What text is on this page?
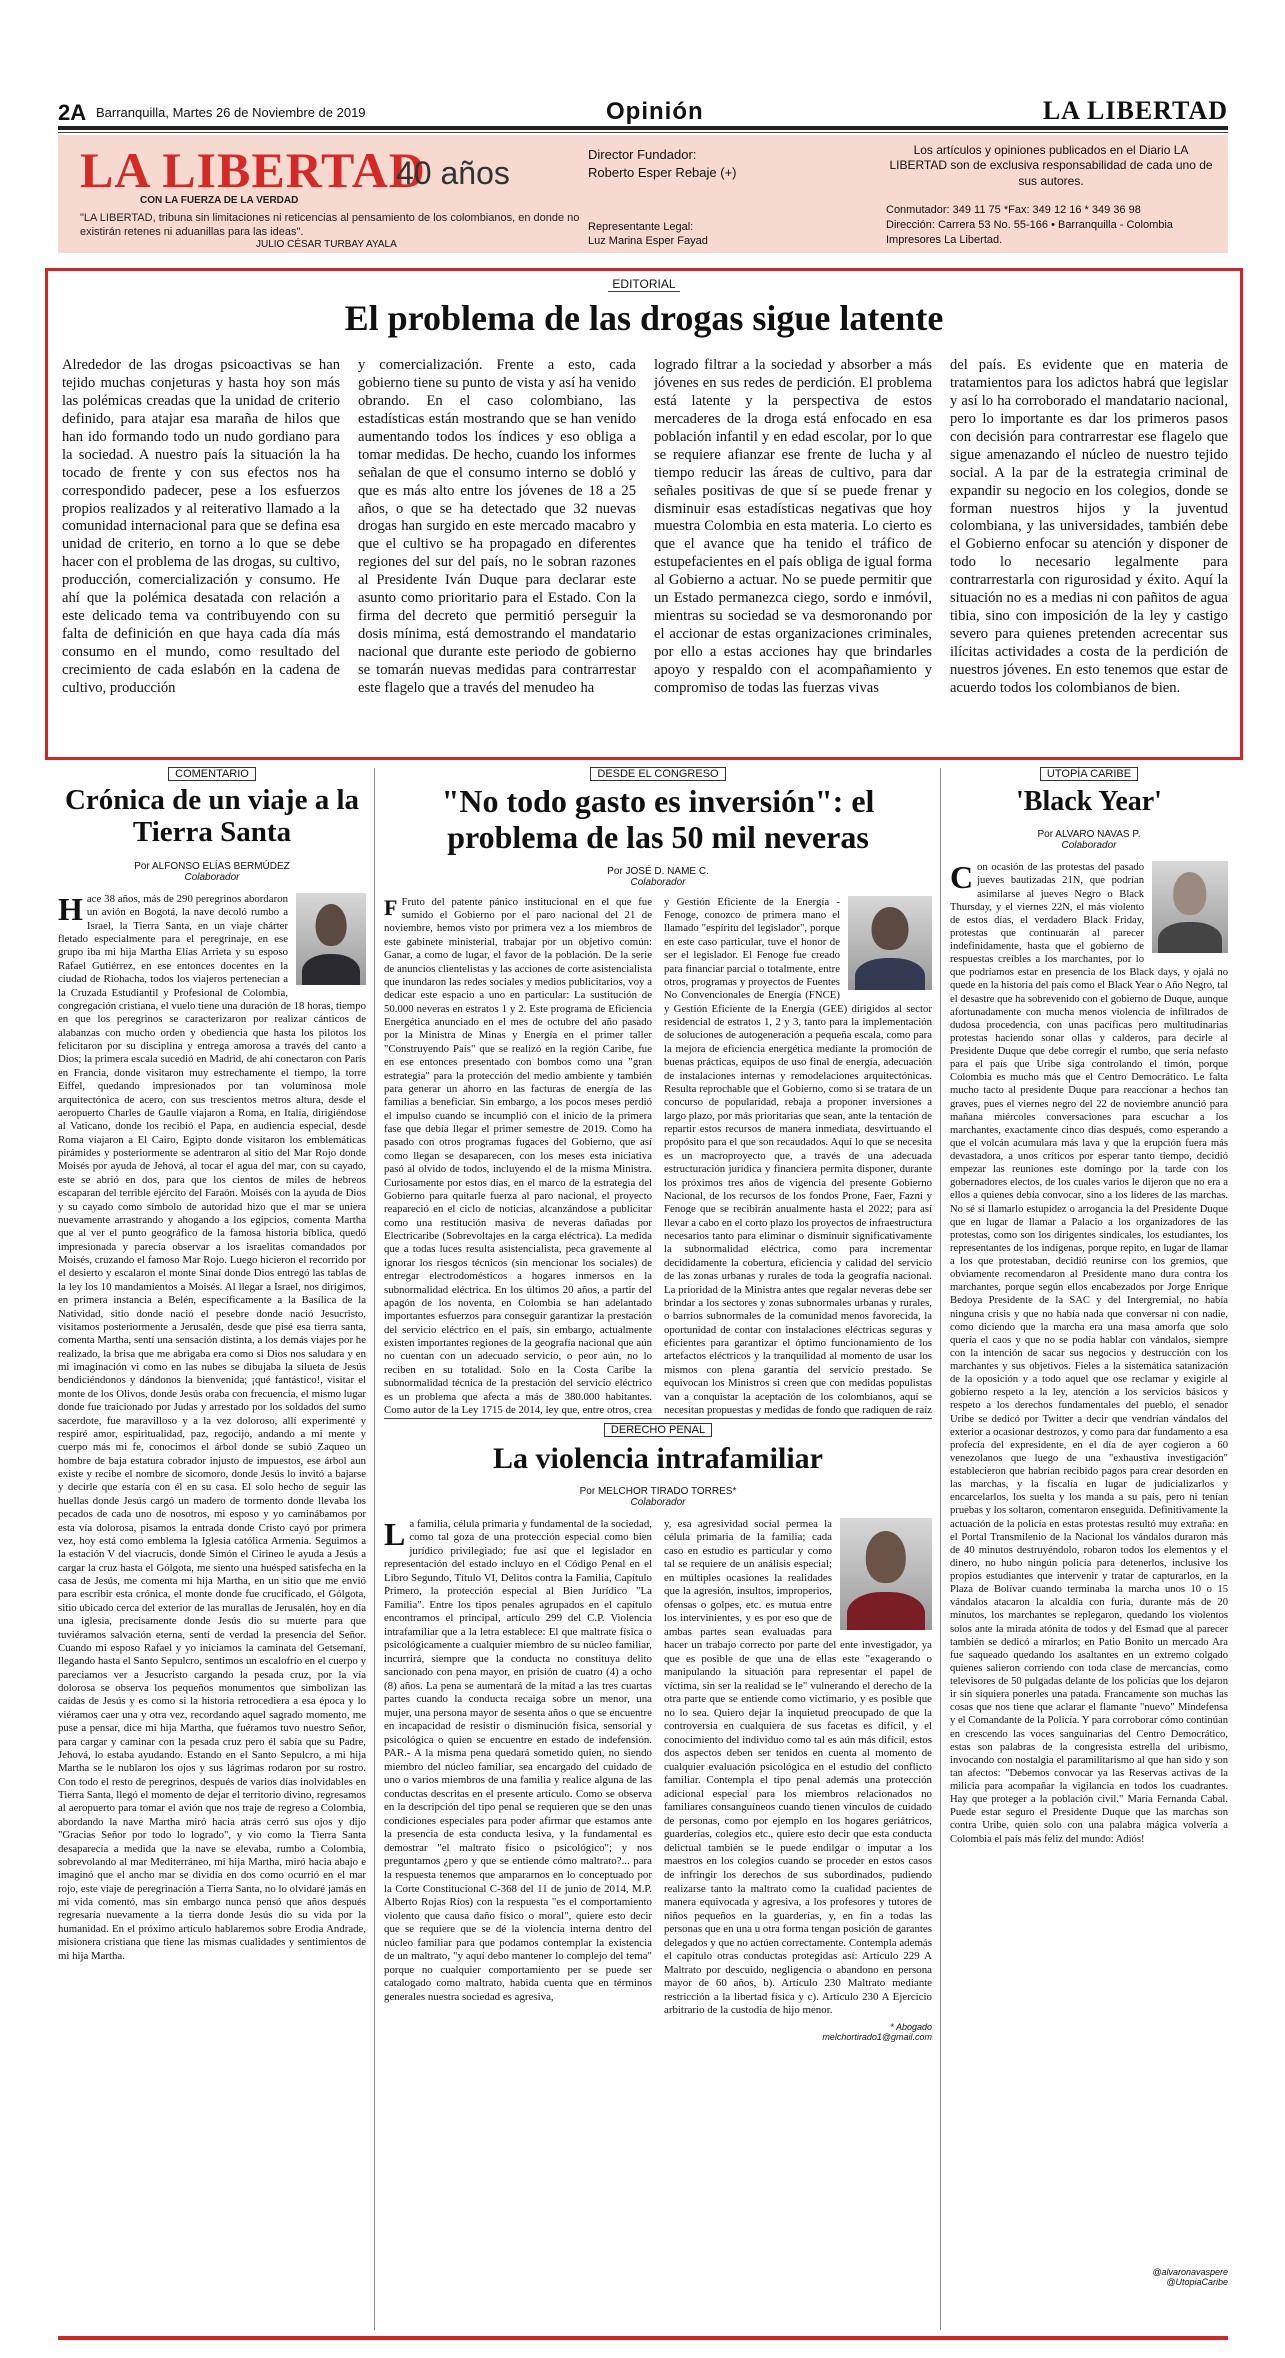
2A Barranquilla, Martes 26 de Noviembre de 2019	Opinión	LA LIBERTAD
LA LIBERTAD
40 años
CON LA FUERZA DE LA VERDAD
"LA LIBERTAD, tribuna sin limitaciones ni reticencias al pensamiento de los colombianos, en donde no existirán retenes ni aduanillas para las ideas".
JULIO CÉSAR TURBAY AYALA
Director Fundador:
Roberto Esper Rebaje (+)
Representante Legal:
Luz Marina Esper Fayad
Los artículos y opiniones publicados en el Diario LA LIBERTAD son de exclusiva responsabilidad de cada uno de sus autores.
Conmutador: 349 11 75 *Fax: 349 12 16 * 349 36 98
Dirección: Carrera 53 No. 55-166 • Barranquilla - Colombia
Impresores La Libertad.
EDITORIAL
El problema de las drogas sigue latente
Alrededor de las drogas psicoactivas se han tejido muchas conjeturas y hasta hoy son más las polémicas creadas que la unidad de criterio definido, para atajar esa maraña de hilos que han ido formando todo un nudo gordiano para la sociedad. A nuestro país la situación la ha tocado de frente y con sus efectos nos ha correspondido padecer, pese a los esfuerzos propios realizados y al reiterativo llamado a la comunidad internacional para que se defina esa unidad de criterio, en torno a lo que se debe hacer con el problema de las drogas, su cultivo, producción, comercialización y consumo. He ahí que la polémica desatada con relación a este delicado tema va contribuyendo con su falta de definición en que haya cada día más consumo en el mundo, como resultado del crecimiento de cada eslabón en la cadena de cultivo, producción
y comercialización. Frente a esto, cada gobierno tiene su punto de vista y así ha venido obrando. En el caso colombiano, las estadísticas están mostrando que se han venido aumentando todos los índices y eso obliga a tomar medidas. De hecho, cuando los informes señalan de que el consumo interno se dobló y que es más alto entre los jóvenes de 18 a 25 años, o que se ha detectado que 32 nuevas drogas han surgido en este mercado macabro y que el cultivo se ha propagado en diferentes regiones del sur del país, no le sobran razones al Presidente Iván Duque para declarar este asunto como prioritario para el Estado. Con la firma del decreto que permitió perseguir la dosis mínima, está demostrando el mandatario nacional que durante este periodo de gobierno se tomarán nuevas medidas para contrarrestar este flagelo que a través del menudeo ha
logrado filtrar a la sociedad y absorber a más jóvenes en sus redes de perdición. El problema está latente y la perspectiva de estos mercaderes de la droga está enfocado en esa población infantil y en edad escolar, por lo que se requiere afianzar ese frente de lucha y al tiempo reducir las áreas de cultivo, para dar señales positivas de que sí se puede frenar y disminuir esas estadísticas negativas que hoy muestra Colombia en esta materia. Lo cierto es que el avance que ha tenido el tráfico de estupefacientes en el país obliga de igual forma al Gobierno a actuar. No se puede permitir que un Estado permanezca ciego, sordo e inmóvil, mientras su sociedad se va desmoronando por el accionar de estas organizaciones criminales, por ello a estas acciones hay que brindarles apoyo y respaldo con el acompañamiento y compromiso de todas las fuerzas vivas
del país. Es evidente que en materia de tratamientos para los adictos habrá que legislar y así lo ha corroborado el mandatario nacional, pero lo importante es dar los primeros pasos con decisión para contrarrestar ese flagelo que sigue amenazando el núcleo de nuestro tejido social. A la par de la estrategia criminal de expandir su negocio en los colegios, donde se forman nuestros hijos y la juventud colombiana, y las universidades, también debe el Gobierno enfocar su atención y disponer de todo lo necesario legalmente para contrarrestarla con rigurosidad y éxito. Aquí la situación no es a medias ni con pañitos de agua tibia, sino con imposición de la ley y castigo severo para quienes pretenden acrecentar sus ilícitas actividades a costa de la perdición de nuestros jóvenes. En esto tenemos que estar de acuerdo todos los colombianos de bien.
COMENTARIO
Crónica de un viaje a la Tierra Santa
Por ALFONSO ELÍAS BERMÚDEZ
Colaborador
Hace 38 años, más de 290 peregrinos abordaron un avión en Bogotá, la nave decoló rumbo a Israel, la Tierra Santa, en un viaje chárter fletado especialmente para el peregrinaje, en ese grupo iba mi hija Martha Elías Arrieta y su esposo Rafael Gutiérrez, en ese entonces docentes en la ciudad de Riohacha, todos los viajeros pertenecían a la Cruzada Estudiantil y Profesional de Colombia, congregación cristiana, el vuelo tiene una duración de 18 horas, tiempo en que los peregrinos se caracterizaron por realizar cánticos de alabanzas con mucho orden y obediencia que hasta los pilotos los felicitaron por su disciplina y entrega amorosa a través del canto a Dios; la primera escala sucedió en Madrid, de ahí conectaron con París en Francia, donde visitaron muy estrechamente el tiempo, la torre Eiffel, quedando impresionados por tan voluminosa mole arquitectónica de acero, con sus trescientos metros altura, desde el aeropuerto Charles de Gaulle viajaron a Roma, en Italia, dirigiéndose al Vaticano, donde los recibió el Papa, en audiencia especial, desde Roma viajaron a El Cairo, Egipto donde visitaron los emblemáticas pirámides y posteriormente se adentraron al sitio del Mar Rojo donde Moisés por ayuda de Jehová, al tocar el agua del mar, con su cayado, este se abrió en dos, para que los cientos de miles de hebreos escaparan del terrible ejército del Faraón. Moisés con la ayuda de Dios y su cayado como símbolo de autoridad hizo que el mar se uniera nuevamente arrastrando y ahogando a los egipcios, comenta Martha que al ver el punto geográfico de la famosa historia bíblica, quedó impresionada y parecía observar a los israelitas comandados por Moisés, cruzando el famoso Mar Rojo. Luego hicieron el recorrido por el desierto y escalaron el monte Sinaí donde Dios entregó las tablas de la ley los 10 mandamientos a Moisés. Al llegar a Israel, nos dirigimos, en primera instancia a Belén, específicamente a la Basílica de la Natividad, sitio donde nació el pesebre donde nació Jesucristo, visitamos posteriormente a Jerusalén, desde que pisé esa tierra santa, comenta Martha, sentí una sensación distinta, a los demás viajes por he realizado, la brisa que me abrigaba era como si Dios nos saludara y en mi imaginación vi como en las nubes se dibujaba la silueta de Jesús bendiciéndonos y dándonos la bienvenida; ¡qué fantástico!, visitar el monte de los Olivos, donde Jesús oraba con frecuencia, el mismo lugar donde fue traicionado por Judas y arrestado por los soldados del sumo sacerdote, fue maravilloso y a la vez doloroso, allí experimenté y respiré amor, espiritualidad, paz, regocijo, andando a mi mente y cuerpo más mi fe, conocimos el árbol donde se subió Zaqueo un hombre de baja estatura cobrador injusto de impuestos, ese árbol aun existe y recibe el nombre de sicomoro, donde Jesús lo invitó a bajarse y decirle que estaría con él en su casa. El solo hecho de seguir las huellas donde Jesús cargó un madero de tormento donde llevaba los pecados de cada uno de nosotros, mi esposo y yo caminábamos por esta vía dolorosa, pisamos la entrada donde Cristo cayó por primera vez, hoy está como emblema la Iglesia católica Armenia. Seguimos a la estación V del viacrucis, donde Simón el Cirineo le ayuda a Jesús a cargar la cruz hasta el Gólgota, me siento una huésped satisfecha en la casa de Jesús, me comenta mi hija Martha, en un sitio que me envió para escribir esta crónica, el monte donde fue crucificado, el Gólgota, sitio ubicado cerca del exterior de las murallas de Jerusalén, hoy en día una iglesia, precisamente donde Jesús dio su muerte para que tuviéramos salvación eterna, sentí de verdad la presencia del Señor. Cuando mi esposo Rafael y yo iniciamos la caminata del Getsemaní, llegando hasta el Santo Sepulcro, sentimos un escalofrío en el cuerpo y pareciamos ver a Jesucristo cargando la pesada cruz, por la vía dolorosa se observa los pequeños monumentos que simbolizan las caídas de Jesús y es como si la historia retrocediera a esa época y lo viéramos caer una y otra vez, recordando aquel sagrado momento, me puse a pensar, dice mi hija Martha, que fuéramos tuvo nuestro Señor, para cargar y caminar con la pesada cruz pero él sabía que su Padre, Jehová, lo estaba ayudando. Estando en el Santo Sepulcro, a mi hija Martha se le nublaron los ojos y sus lágrimas rodaron por su rostro. Con todo el resto de peregrinos, después de varios días inolvidables en Tierra Santa, llegó el momento de dejar el territorio divino, regresamos al aeropuerto para tomar el avión que nos traje de regreso a Colombia, abordando la nave Martha miró hacia atrás cerró sus ojos y dijo "Gracias Señor por todo lo logrado", y vio como la Tierra Santa desaparecía a medida que la nave se elevaba, rumbo a Colombia, sobrevolando al mar Mediterráneo, mi hija Martha, miró hacia abajo e imaginó que el ancho mar se dividía en dos como ocurrió en el mar rojo, este viaje de peregrinación a Tierra Santa, no lo olvidaré jamás en mi vida comentó, mas sin embargo nunca pensó que años después regresaría nuevamente a la tierra donde Jesús dio su vida por la humanidad. En el próximo artículo hablaremos sobre Erodia Andrade, misionera cristiana que tiene las mismas cualidades y sentimientos de mi hija Martha.
DESDE EL CONGRESO
"No todo gasto es inversión": el problema de las 50 mil neveras
Por JOSÉ D. NAME C.
Colaborador
F Fruto del patente pánico institucional en el que fue sumido el Gobierno por el paro nacional del 21 de noviembre, hemos visto por primera vez a los miembros de este gabinete ministerial, trabajar por un objetivo común: Ganar, a como de lugar, el favor de la población. De la serie de anuncios clientelistas y las acciones de corte asistencialista que inundaron las redes sociales y medios publicitarios, voy a dedicar este espacio a uno en particular: La sustitución de 50.000 neveras en estratos 1 y 2. Este programa de Eficiencia Energética anunciado en el mes de octubre del año pasado por la Ministra de Minas y Energía en el primer taller "Construyendo País" que se realizó en la región Caribe, fue en ese entonces presentado con bombos como una "gran estrategia" para la protección del medio ambiente y también para generar un ahorro en las facturas de energía de las familias a beneficiar. Sin embargo, a los pocos meses perdió el impulso cuando se incumplió con el inicio de la primera fase que debía llegar el primer semestre de 2019. Como ha pasado con otros programas fugaces del Gobierno, que así como llegan se desaparecen, con los meses esta iniciativa pasó al olvido de todos, incluyendo el de la misma Ministra. Curiosamente por estos días, en el marco de la estrategia del Gobierno para quitarle fuerza al paro nacional, el proyecto reapareció en el ciclo de noticias, alcanzándose a publicitar como una restitución masiva de neveras dañadas por Electricaribe (Sobrevoltajes en la carga eléctrica). La medida que a todas luces resulta asistencialista, peca gravemente al ignorar los riesgos técnicos (sin mencionar los sociales) de entregar electrodomésticos a hogares inmersos en la subnormalidad eléctrica. En los últimos 20 años, a partir del apagón de los noventa, en Colombia se han adelantado importantes esfuerzos para conseguir garantizar la prestación del servicio eléctrico en el país, sin embargo, actualmente existen importantes regiones de la geografía nacional que aún no cuentan con un adecuado servicio, o peor aún, no lo reciben en su totalidad. Solo en la Costa Caribe la subnormalidad técnica de la prestación del servicio eléctrico es un problema que afecta a más de 380.000 habitantes. Como autor de la Ley 1715 de 2014, ley que, entre otros, crea
y Gestión Eficiente de la Energía - Fenoge, conozco de primera mano el llamado "espíritu del legislador", porque en este caso particular, tuve el honor de ser el legislador. El Fenoge fue creado para financiar parcial o totalmente, entre otros, programas y proyectos de Fuentes No Convencionales de Energía (FNCE) y Gestión Eficiente de la Energía (GEE) dirigidos al sector residencial de estratos 1, 2 y 3, tanto para la implementación de soluciones de autogeneración a pequeña escala, como para la mejora de eficiencia energética mediante la promoción de buenas prácticas, equipos de uso final de energía, adecuación de instalaciones internas y remodelaciones arquitectónicas. Resulta reprochable que el Gobierno, como si se tratara de un concurso de popularidad, rebaja a proponer inversiones a largo plazo, por más prioritarias que sean, ante la tentación de repartir estos recursos de manera inmediata, desvirtuando el propósito para el que son recaudados. Aquí lo que se necesita es un macroproyecto que, a través de una adecuada estructuración jurídica y financiera permita disponer, durante los próximos tres años de vigencia del presente Gobierno Nacional, de los recursos de los fondos Prone, Faer, Fazni y Fenoge que se recibirán anualmente hasta el 2022; para así llevar a cabo en el corto plazo los proyectos de infraestructura necesarios tanto para eliminar o disminuir significativamente la subnormalidad eléctrica, como para incrementar decididamente la cobertura, eficiencia y calidad del servicio de las zonas urbanas y rurales de toda la geografía nacional. La prioridad de la Ministra antes que regalar neveras debe ser brindar a los sectores y zonas subnormales urbanas y rurales, o barrios subnormales de la comunidad menos favorecida, la oportunidad de contar con instalaciones eléctricas seguras y eficientes para garantizar el óptimo funcionamiento de los artefactos eléctricos y la tranquilidad al momento de usar los mismos con plena garantía del servicio prestado. Se equivocan los Ministros si creen que con medidas populistas van a conquistar la aceptación de los colombianos, aquí se necesitan propuestas y medidas de fondo que radiquen de raíz
DERECHO PENAL
La violencia intrafamiliar
Por MELCHOR TIRADO TORRES*
Colaborador
La familia, célula primaria y fundamental de la sociedad, como tal goza de una protección especial como bien jurídico privilegiado; fue así que el legislador en representación del estado incluyo en el Código Penal en el Libro Segundo, Título VI, Delitos contra la Familia, Capítulo Primero, la protección especial al Bien Jurídico "La Familia". Entre los tipos penales agrupados en el capítulo encontramos el principal, artículo 299 del C.P. Violencia intrafamiliar que a la letra establece: El que maltrate física o psicológicamente a cualquier miembro de su núcleo familiar, incurrirá, siempre que la conducta no constituya delito sancionado con pena mayor, en prisión de cuatro (4) a ocho (8) años. La pena se aumentará de la mitad a las tres cuartas partes cuando la conducta recaiga sobre un menor, una mujer, una persona mayor de sesenta años o que se encuentre en incapacidad de resistir o disminución física, sensorial y psicológica o quien se encuentre en estado de indefensión. PAR.- A la misma pena quedará sometido quien, no siendo miembro del núcleo familiar, sea encargado del cuidado de uno o varios miembros de una familia y realice alguna de las conductas descritas en el presente artículo. Como se observa en la descripción del tipo penal se requieren que se den unas condiciones especiales para poder afirmar que estamos ante la presencia de esta conducta lesiva, y la fundamental es demostrar "el maltrato físico o psicológico"; y nos preguntamos ¿pero y que se entiende cómo maltrato?... para la respuesta tenemos que ampararnos en lo conceptuado por la Corte Constitucional C-368 del 11 de junio de 2014, M.P. Alberto Rojas Ríos) con la respuesta "es el comportamiento violento que causa daño físico o moral", quiere esto decir que se requiere que se dé la violencia interna dentro del núcleo familiar para que podamos contemplar la existencia de un maltrato, "y aquí debo mantener lo complejo del tema" porque no cualquier comportamiento per se puede ser catalogado como maltrato, habida cuenta que en términos generales nuestra sociedad es agresiva,
y, esa agresividad social permea la célula primaria de la familia; cada caso en estudio es particular y como tal se requiere de un análisis especial; en múltiples ocasiones la realidades que la agresión, insultos, improperios, ofensas o golpes, etc. es mutua entre los intervinientes, y es por eso que de ambas partes sean evaluadas para hacer un trabajo correcto por parte del ente investigador, ya que es posible de que una de ellas este "exagerando o manipulando la situación para representar el papel de víctima, sin ser la realidad se le" vulnerando el derecho de la otra parte que se entiende como victimario, y es posible que no lo sea. Quiero dejar la inquietud preocupado de que la controversia en cualquiera de sus facetas es difícil, y el conocimiento del individuo como tal es aún más difícil, estos dos aspectos deben ser tenidos en cuenta al momento de cualquier evaluación psicológica en el estudio del conflicto familiar. Contempla el tipo penal además una protección adicional especial para los miembros relacionados no familiares consanguíneos cuando tienen vínculos de cuidado de personas, como por ejemplo en los hogares geriátricos, guarderías, colegios etc., quiere esto decir que esta conducta delictual también se le puede endilgar o imputar a los maestros en los colegios cuando se proceder en estos casos de infringir los derechos de sus subordinados, pudiendo realizarse tanto la maltrato como la cualidad pacientes de manera equivocada y agresiva, a los profesores y tutores de niños pequeños en la guarderías, y, en fin a todas las personas que en una u otra forma tengan posición de garantes delegados y que no actúen correctamente. Contempla además el capítulo otras conductas protegidas así: Artículo 229 A Maltrato por descuido, negligencia o abandono en persona mayor de 60 años, b). Artículo 230 Maltrato mediante restricción a la libertad física y c). Artículo 230 A Ejercicio arbitrario de la custodia de hijo menor.
* Abogado
melchortirado1@gmail.com
UTOPÍA CARIBE
'Black Year'
Por ALVARO NAVAS P.
Colaborador
Con ocasión de las protestas del pasado jueves bautizadas 21N, que podrían asimilarse al jueves Negro o Black Thursday, y el viernes 22N, el más violento de estos días, el verdadero Black Friday, protestas que continuarán al parecer indefinidamente, hasta que el gobierno de respuestas creíbles a los marchantes, por lo que podríamos estar en presencia de los Black days, y ojalá no quede en la historia del país como el Black Year o Año Negro, tal el desastre que ha sobrevenido con el gobierno de Duque, aunque afortunadamente con mucha menos violencia de infiltrados de dudosa procedencia, con unas pacíficas pero multitudinarias protestas haciendo sonar ollas y calderos, para decirle al Presidente Duque que debe corregir el rumbo, que sería nefasto para el país que Uribe siga controlando el timón, porque Colombia es mucho más que el Centro Democrático. Le falta mucho tacto al presidente Duque para reaccionar a hechos tan graves, pues el viernes negro del 22 de noviembre anunció para mañana miércoles conversaciones para escuchar a los marchantes, exactamente cinco días después, como esperando a que el volcán acumulara más lava y que la erupción fuera más devastadora, a unos críticos por esperar tanto tiempo, decidió empezar las reuniones este domingo por la tarde con los gobernadores electos, de los cuales varios le dijeron que no era a ellos a quienes debía convocar, sino a los líderes de las marchas. No sé si llamarlo estupidez o arrogancia la del Presidente Duque que en lugar de llamar a Palacio a los organizadores de las protestas, como son los dirigentes sindicales, los estudiantes, los representantes de los indígenas, porque repito, en lugar de llamar a los que protestaban, decidió reunirse con los gremios, que obviamente recomendaron al Presidente mano dura contra los marchantes, porque según ellos encabezados por Jorge Enrique Bedoya Presidente de la SAC y del Intergremial, no había ninguna crisis y que no había nada que conversar ni con nadie, como diciendo que la marcha era una masa amorfa que solo quería el caos y que no se podía hablar con vándalos, siempre con la intención de sacar sus negocios y destrucción con los marchantes y sus objetivos. Fieles a la sistemática satanización de la oposición y a todo aquel que ose reclamar y exigirle al gobierno respeto a la ley, atención a los servicios básicos y respeto a los derechos fundamentales del pueblo, el senador Uribe se dedicó por Twitter a decir que vendrían vándalos del exterior a ocasionar destrozos, y como para dar fundamento a esa profecía del expresidente, en el día de ayer cogieron a 60 venezolanos que luego de una "exhaustiva investigación" establecieron que habrían recibido pagos para crear desorden en las marchas, y la fiscalía en lugar de judicializarlos y encarcelarlos, los suelta y los manda a su país, pero ni tenían pruebas y los soltaron, comentaron enseguida. Definitivamente la actuación de la policía en estas protestas resultó muy extraña: en el Portal Transmilenio de la Nacional los vándalos duraron más de 40 minutos destruyéndolo, robaron todos los elementos y el dinero, no hubo ningún policía para detenerlos, inclusive los propios estudiantes que intervenir y tratar de capturarlos, en la Plaza de Bolívar cuando terminaba la marcha unos 10 o 15 vándalos atacaron la alcaldía con furia, durante más de 20 minutos, los marchantes se replegaron, quedando los violentos solos ante la mirada atónita de todos y del Esmad que al parecer también se dedicó a mirarlos; en Patio Bonito un mercado Ara fue saqueado quedando los asaltantes en un extremo colgado quienes salieron corriendo con toda clase de mercancías, como televisores de 50 pulgadas delante de los policías que los dejaron ir sin siquiera ponerles una patada. Francamente son muchas las cosas que nos tiene que aclarar el flamante "nuevo" Mindefensa y el Comandante de la Policía. Y para corroborar cómo continúan en crescendo las voces sanguinarias del Centro Democrático, estas son palabras de la congresista estrella del uribismo, invocando con nostalgia el paramilitarismo al que han sido y son tan afectos: "Debemos convocar ya las Reservas activas de la milicia para acompañar la vigilancia en todos los cuadrantes. Hay que proteger a la población civil." María Fernanda Cabal. Puede estar seguro el Presidente Duque que las marchas son contra Uribe, quien solo con una palabra mágica volvería a Colombia el país más feliz del mundo: Adiós!
@alvaronavaspere
@UtopiaCaribe
